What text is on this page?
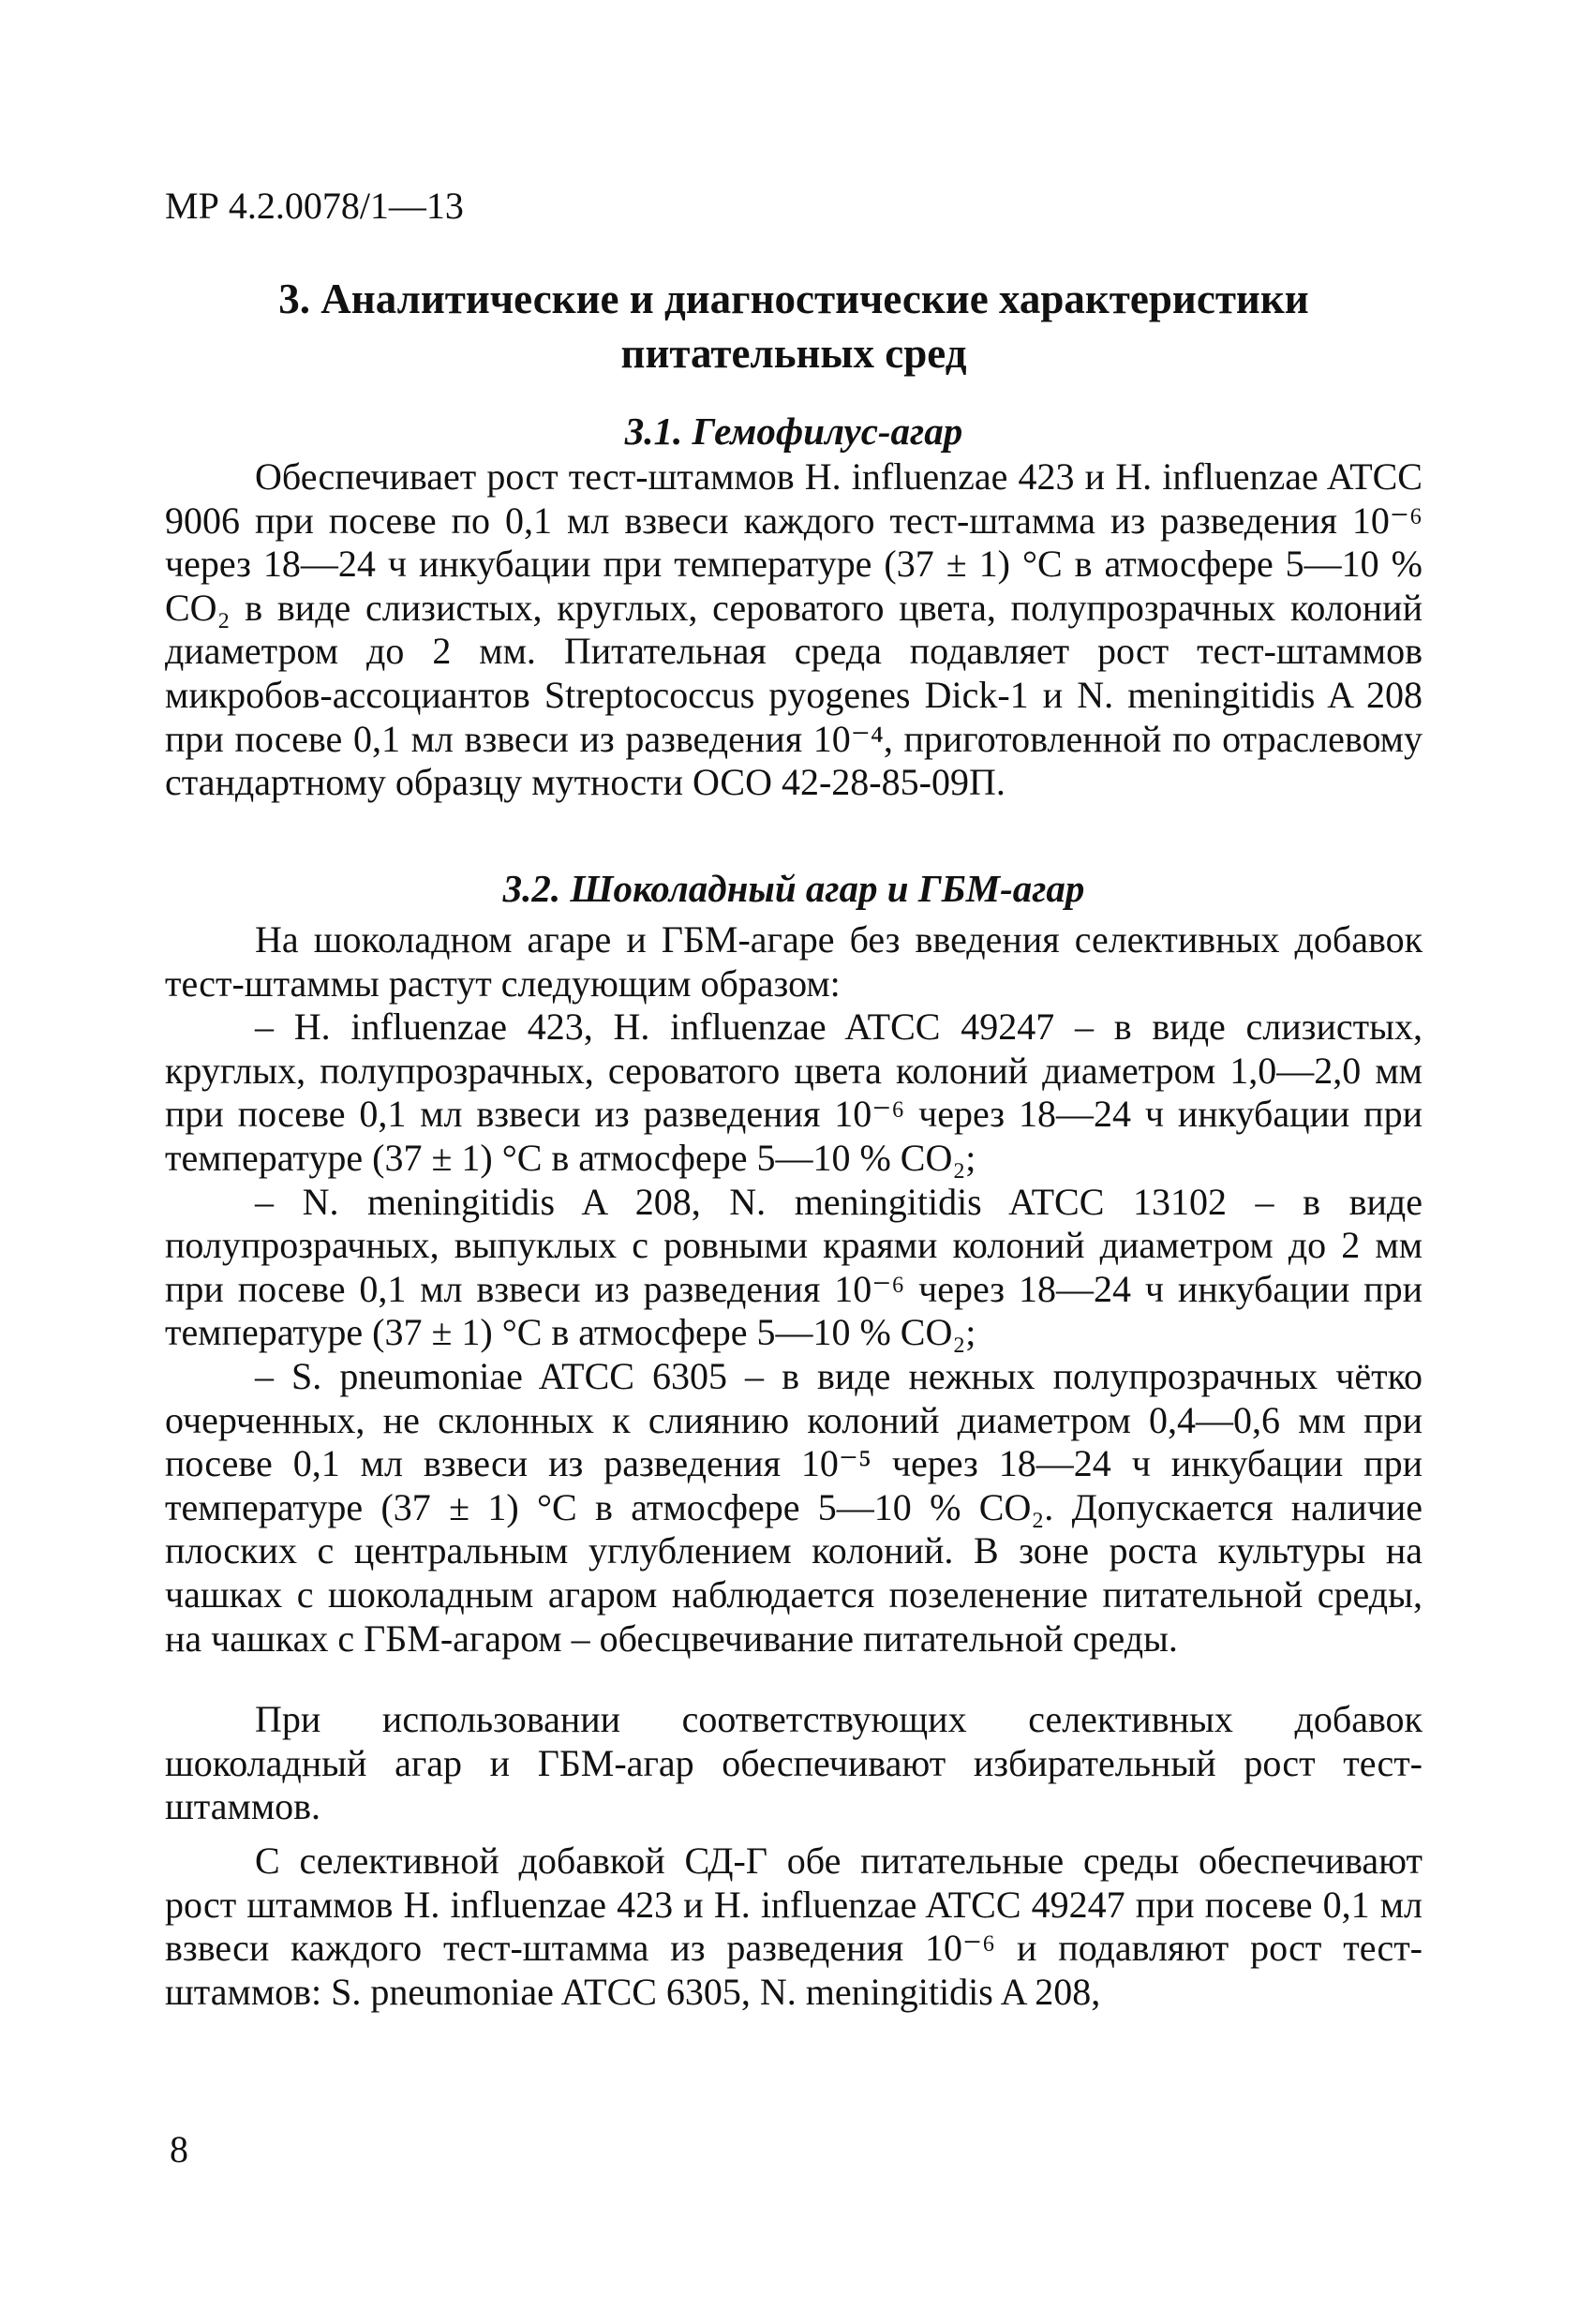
МР 4.2.0078/1—13
3. Аналитические и диагностические характеристики питательных сред
3.1. Гемофилус-агар

Обеспечивает рост тест-штаммов H. influenzae 423 и H. influenzae ATCC 9006 при посеве по 0,1 мл взвеси каждого тест-штамма из разведения 10⁻⁶ через 18—24 ч инкубации при температуре (37 ± 1) °С в атмосфере 5—10 % CO₂ в виде слизистых, круглых, сероватого цвета, полупрозрачных колоний диаметром до 2 мм. Питательная среда подавляет рост тест-штаммов микробов-ассоциантов Streptococcus pyogenes Dick-1 и N. meningitidis A 208 при посеве 0,1 мл взвеси из разведения 10⁻⁴, приготовленной по отраслевому стандартному образцу мутности ОСО 42-28-85-09П.

3.2. Шоколадный агар и ГБМ-агар

На шоколадном агаре и ГБМ-агаре без введения селективных добавок тест-штаммы растут следующим образом:

– H. influenzae 423, H. influenzae ATCC 49247 – в виде слизистых, круглых, полупрозрачных, сероватого цвета колоний диаметром 1,0—2,0 мм при посеве 0,1 мл взвеси из разведения 10⁻⁶ через 18—24 ч инкубации при температуре (37 ± 1) °С в атмосфере 5—10 % CO₂;

– N. meningitidis A 208, N. meningitidis ATCC 13102 – в виде полупрозрачных, выпуклых с ровными краями колоний диаметром до 2 мм при посеве 0,1 мл взвеси из разведения 10⁻⁶ через 18—24 ч инкубации при температуре (37 ± 1) °С в атмосфере 5—10 % CO₂;

– S. pneumoniae ATCC 6305 – в виде нежных полупрозрачных чётко очерченных, не склонных к слиянию колоний диаметром 0,4—0,6 мм при посеве 0,1 мл взвеси из разведения 10⁻⁵ через 18—24 ч инкубации при температуре (37 ± 1) °С в атмосфере 5—10 % CO₂. Допускается наличие плоских с центральным углублением колоний. В зоне роста культуры на чашках с шоколадным агаром наблюдается позеленение питательной среды, на чашках с ГБМ-агаром – обесцвечивание питательной среды.

При использовании соответствующих селективных добавок шоколадный агар и ГБМ-агар обеспечивают избирательный рост тест-штаммов.

С селективной добавкой СД-Г обе питательные среды обеспечивают рост штаммов H. influenzae 423 и H. influenzae ATCC 49247 при посеве 0,1 мл взвеси каждого тест-штамма из разведения 10⁻⁶ и подавляют рост тест-штаммов: S. pneumoniae ATCC 6305, N. meningitidis A 208,

8
